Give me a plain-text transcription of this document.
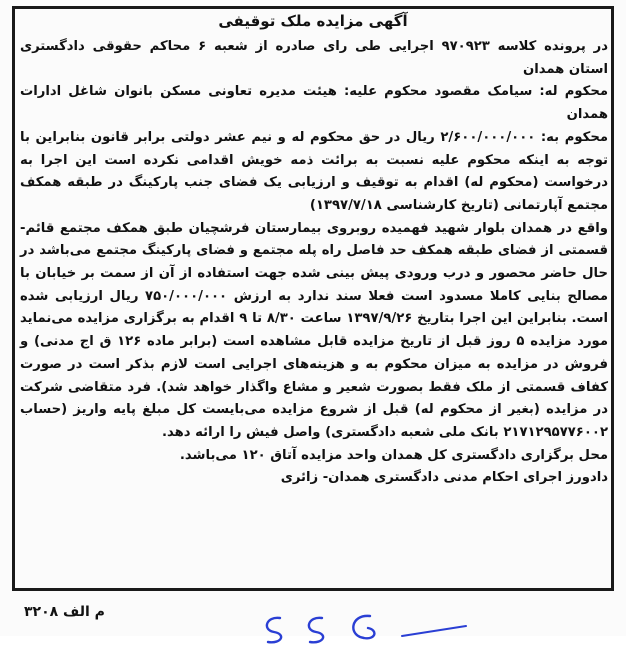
آگهی مزایده ملک توقیفی

در پرونده کلاسه ۹۷۰۹۲۳ اجرایی طی رای صادره از شعبه ۶ محاکم حقوقی دادگستری استان همدان

محکوم له: سیامک مقصود محکوم علیه: هیئت مدیره تعاونی مسکن بانوان شاغل ادارات همدان

محکوم به: ۲/۶۰۰/۰۰۰/۰۰۰ ریال در حق محکوم له و نیم عشر دولتی برابر قانون بنابراین با توجه به اینکه محکوم علیه نسبت به برائت ذمه خویش اقدامی نکرده است این اجرا به درخواست (محکوم له) اقدام به توقیف و ارزیابی یک فضای جنب پارکینگ در طبقه همکف مجتمع آپارتمانی (تاریخ کارشناسی ۱۳۹۷/۷/۱۸)

واقع در همدان بلوار شهید فهمیده روبروی بیمارستان فرشچیان طبق همکف مجتمع قائم- قسمتی از فضای طبقه همکف حد فاصل راه پله مجتمع و فضای پارکینگ مجتمع می‌باشد در حال حاضر محصور و درب ورودی پیش بینی شده جهت استفاده از آن از سمت بر خیابان با مصالح بنایی کاملا مسدود است فعلا سند ندارد به ارزش ۷۵۰/۰۰۰/۰۰۰ ریال ارزیابی شده است. بنابراین این اجرا بتاریخ ۱۳۹۷/۹/۲۶ ساعت ۸/۳۰ تا ۹ اقدام به برگزاری مزایده می‌نماید مورد مزایده ۵ روز قبل از تاریخ مزایده قابل مشاهده است (برابر ماده ۱۲۶ ق اج مدنی) و فروش در مزایده به میزان محکوم به و هزینه‌های اجرایی است لازم بذکر است در صورت کفاف قسمتی از ملک فقط بصورت شعیر و مشاع واگذار خواهد شد). فرد متقاضی شرکت در مزایده (بغیر از محکوم له) قبل از شروع مزایده می‌بایست کل مبلغ پایه واریز (حساب ۲۱۷۱۲۹۵۷۷۶۰۰۲ بانک ملی شعبه دادگستری) واصل فیش را ارائه دهد.

محل برگزاری دادگستری کل همدان واحد مزایده آتاق ۱۲۰ می‌باشد.

دادورز اجرای احکام مدنی دادگستری همدان- زائری

م الف ۳۲۰۸
